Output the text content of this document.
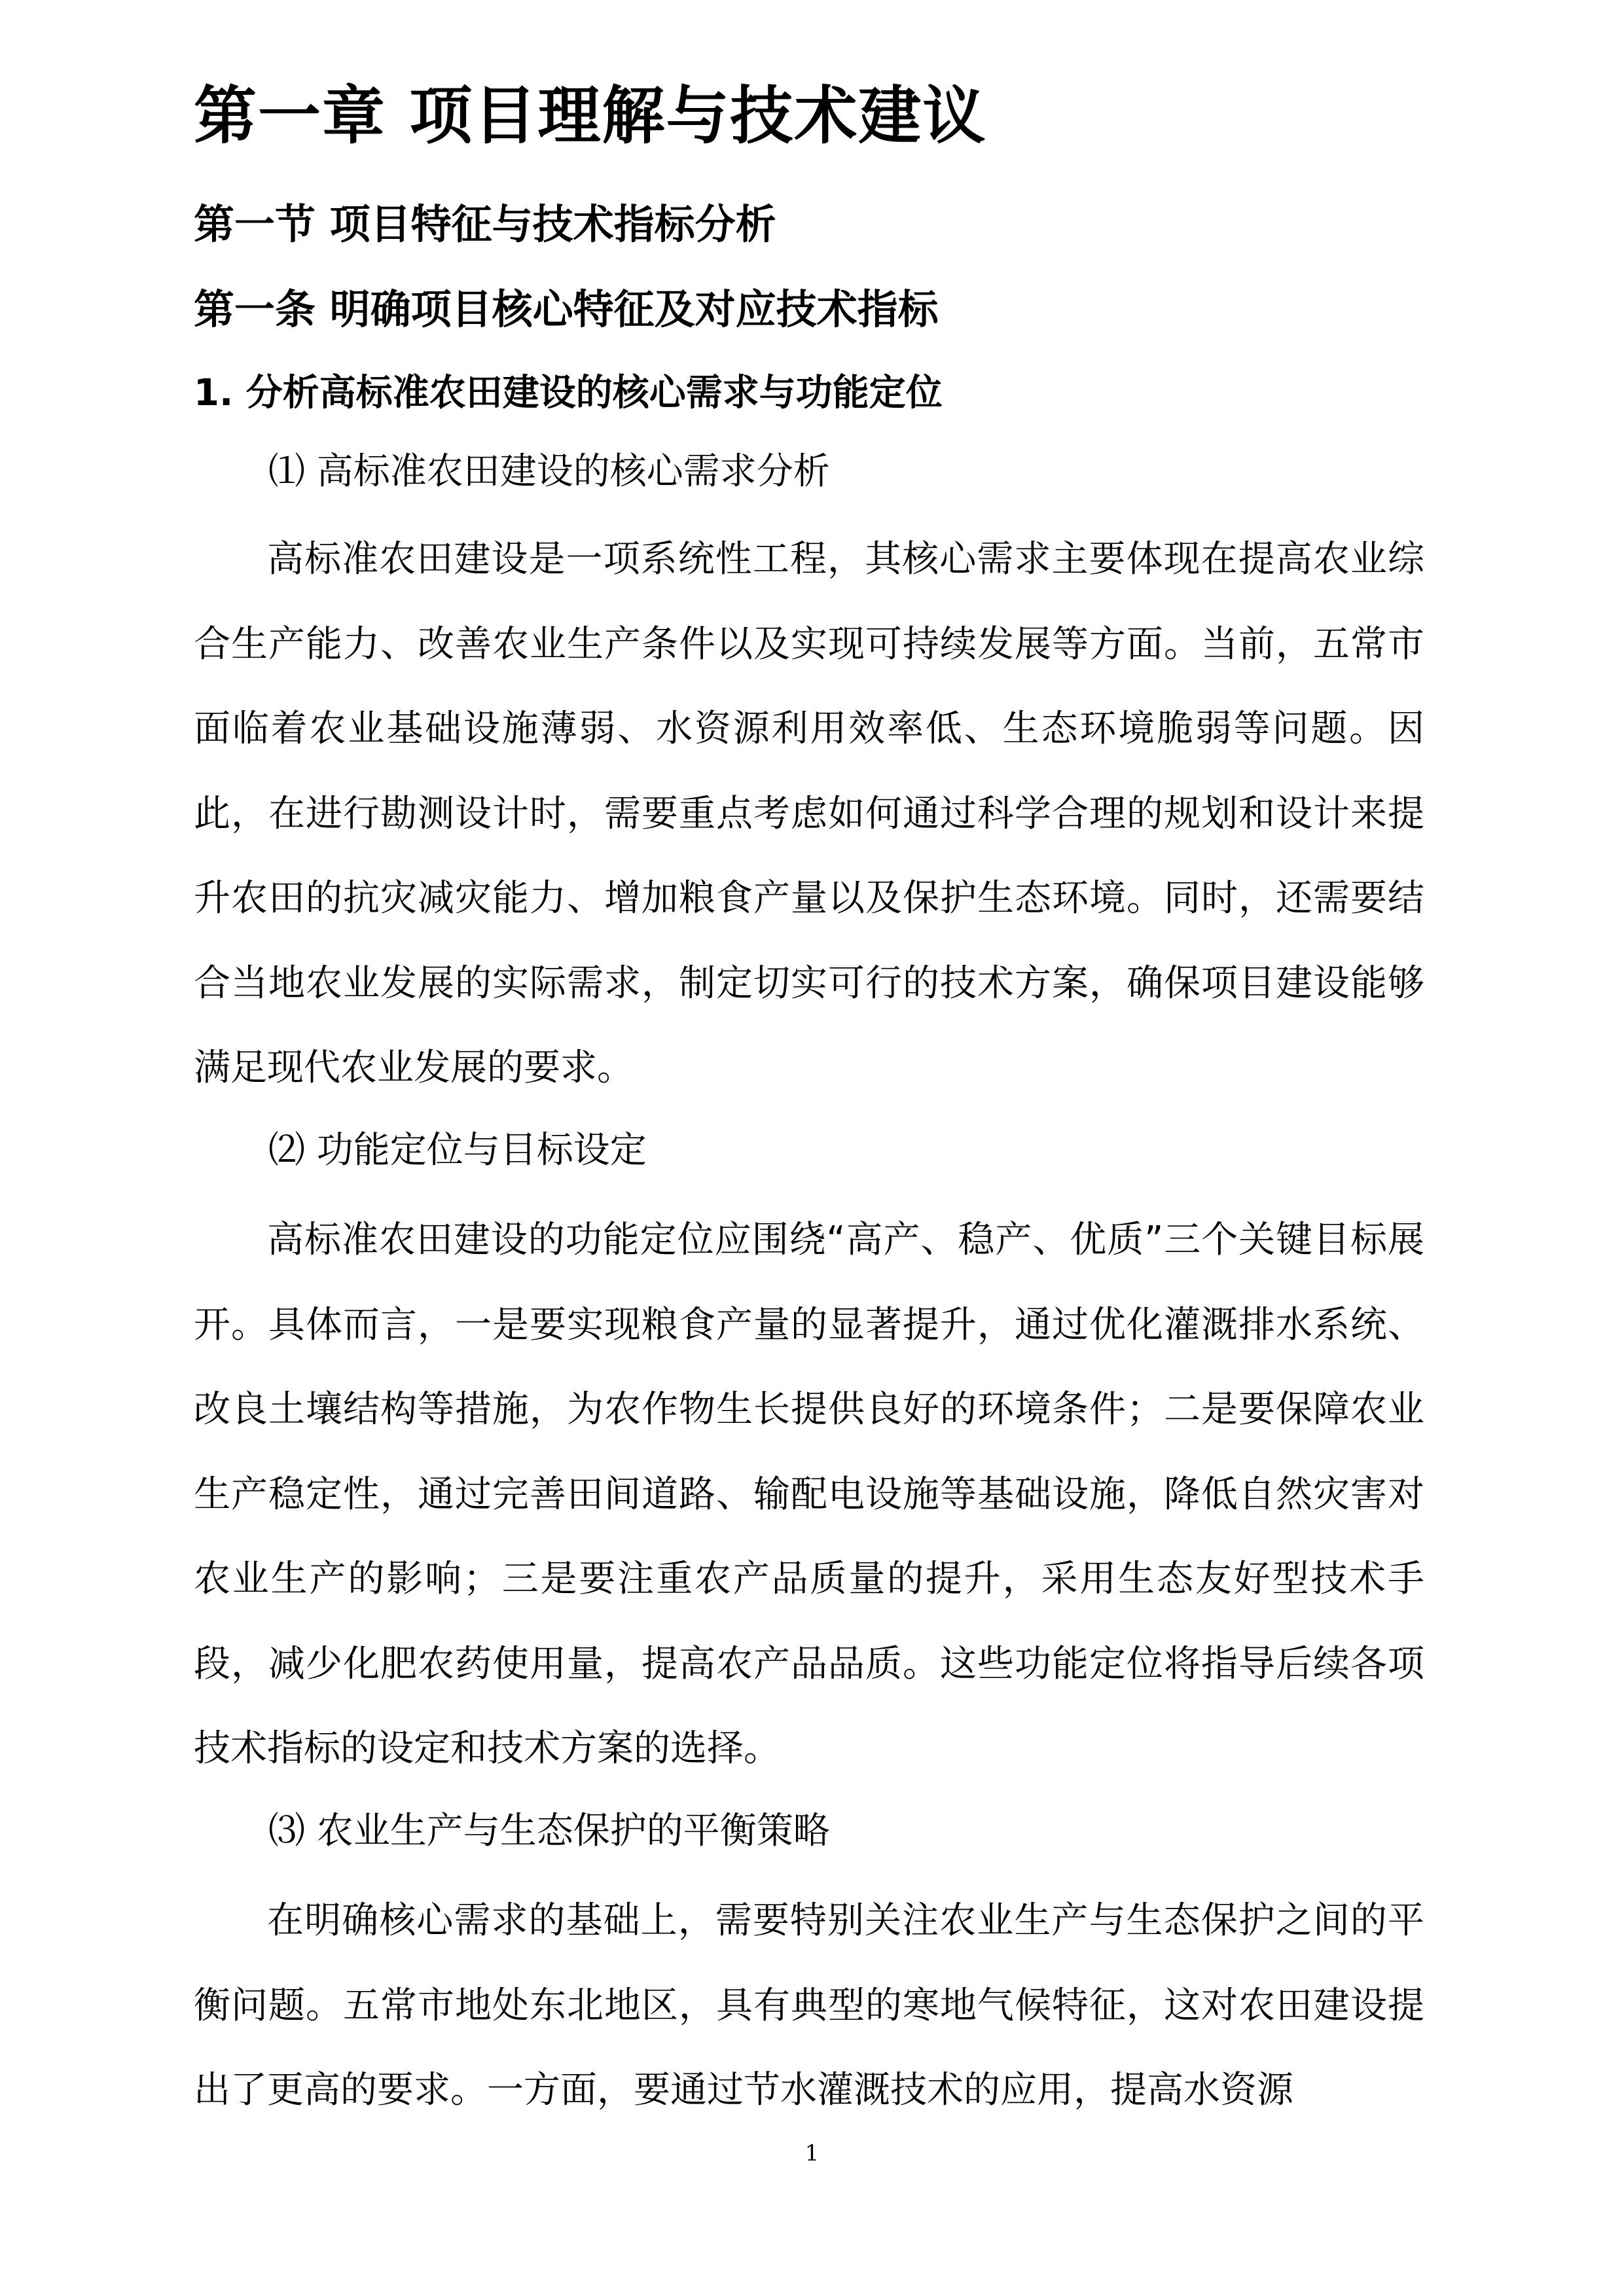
第一章 项目理解与技术建议
第一节 项目特征与技术指标分析
第一条 明确项目核心特征及对应技术指标
1. 分析高标准农田建设的核心需求与功能定位
⑴ 高标准农田建设的核心需求分析

高标准农田建设是一项系统性工程，其核心需求主要体现在提高农业综合生产能力、改善农业生产条件以及实现可持续发展等方面。当前，五常市面临着农业基础设施薄弱、水资源利用效率低、生态环境脆弱等问题。因此，在进行勘测设计时，需要重点考虑如何通过科学合理的规划和设计来提升农田的抗灾减灾能力、增加粮食产量以及保护生态环境。同时，还需要结合当地农业发展的实际需求，制定切实可行的技术方案，确保项目建设能够满足现代农业发展的要求。

⑵ 功能定位与目标设定

高标准农田建设的功能定位应围绕“高产、稳产、优质”三个关键目标展开。具体而言，一是要实现粮食产量的显著提升，通过优化灌溉排水系统、改良土壤结构等措施，为农作物生长提供良好的环境条件；二是要保障农业生产稳定性，通过完善田间道路、输配电设施等基础设施，降低自然灾害对农业生产的影响；三是要注重农产品质量的提升，采用生态友好型技术手段，减少化肥农药使用量，提高农产品品质。这些功能定位将指导后续各项技术指标的设定和技术方案的选择。

⑶ 农业生产与生态保护的平衡策略

在明确核心需求的基础上，需要特别关注农业生产与生态保护之间的平衡问题。五常市地处东北地区，具有典型的寒地气候特征，这对农田建设提出了更高的要求。一方面，要通过节水灌溉技术的应用，提高水资源

1
